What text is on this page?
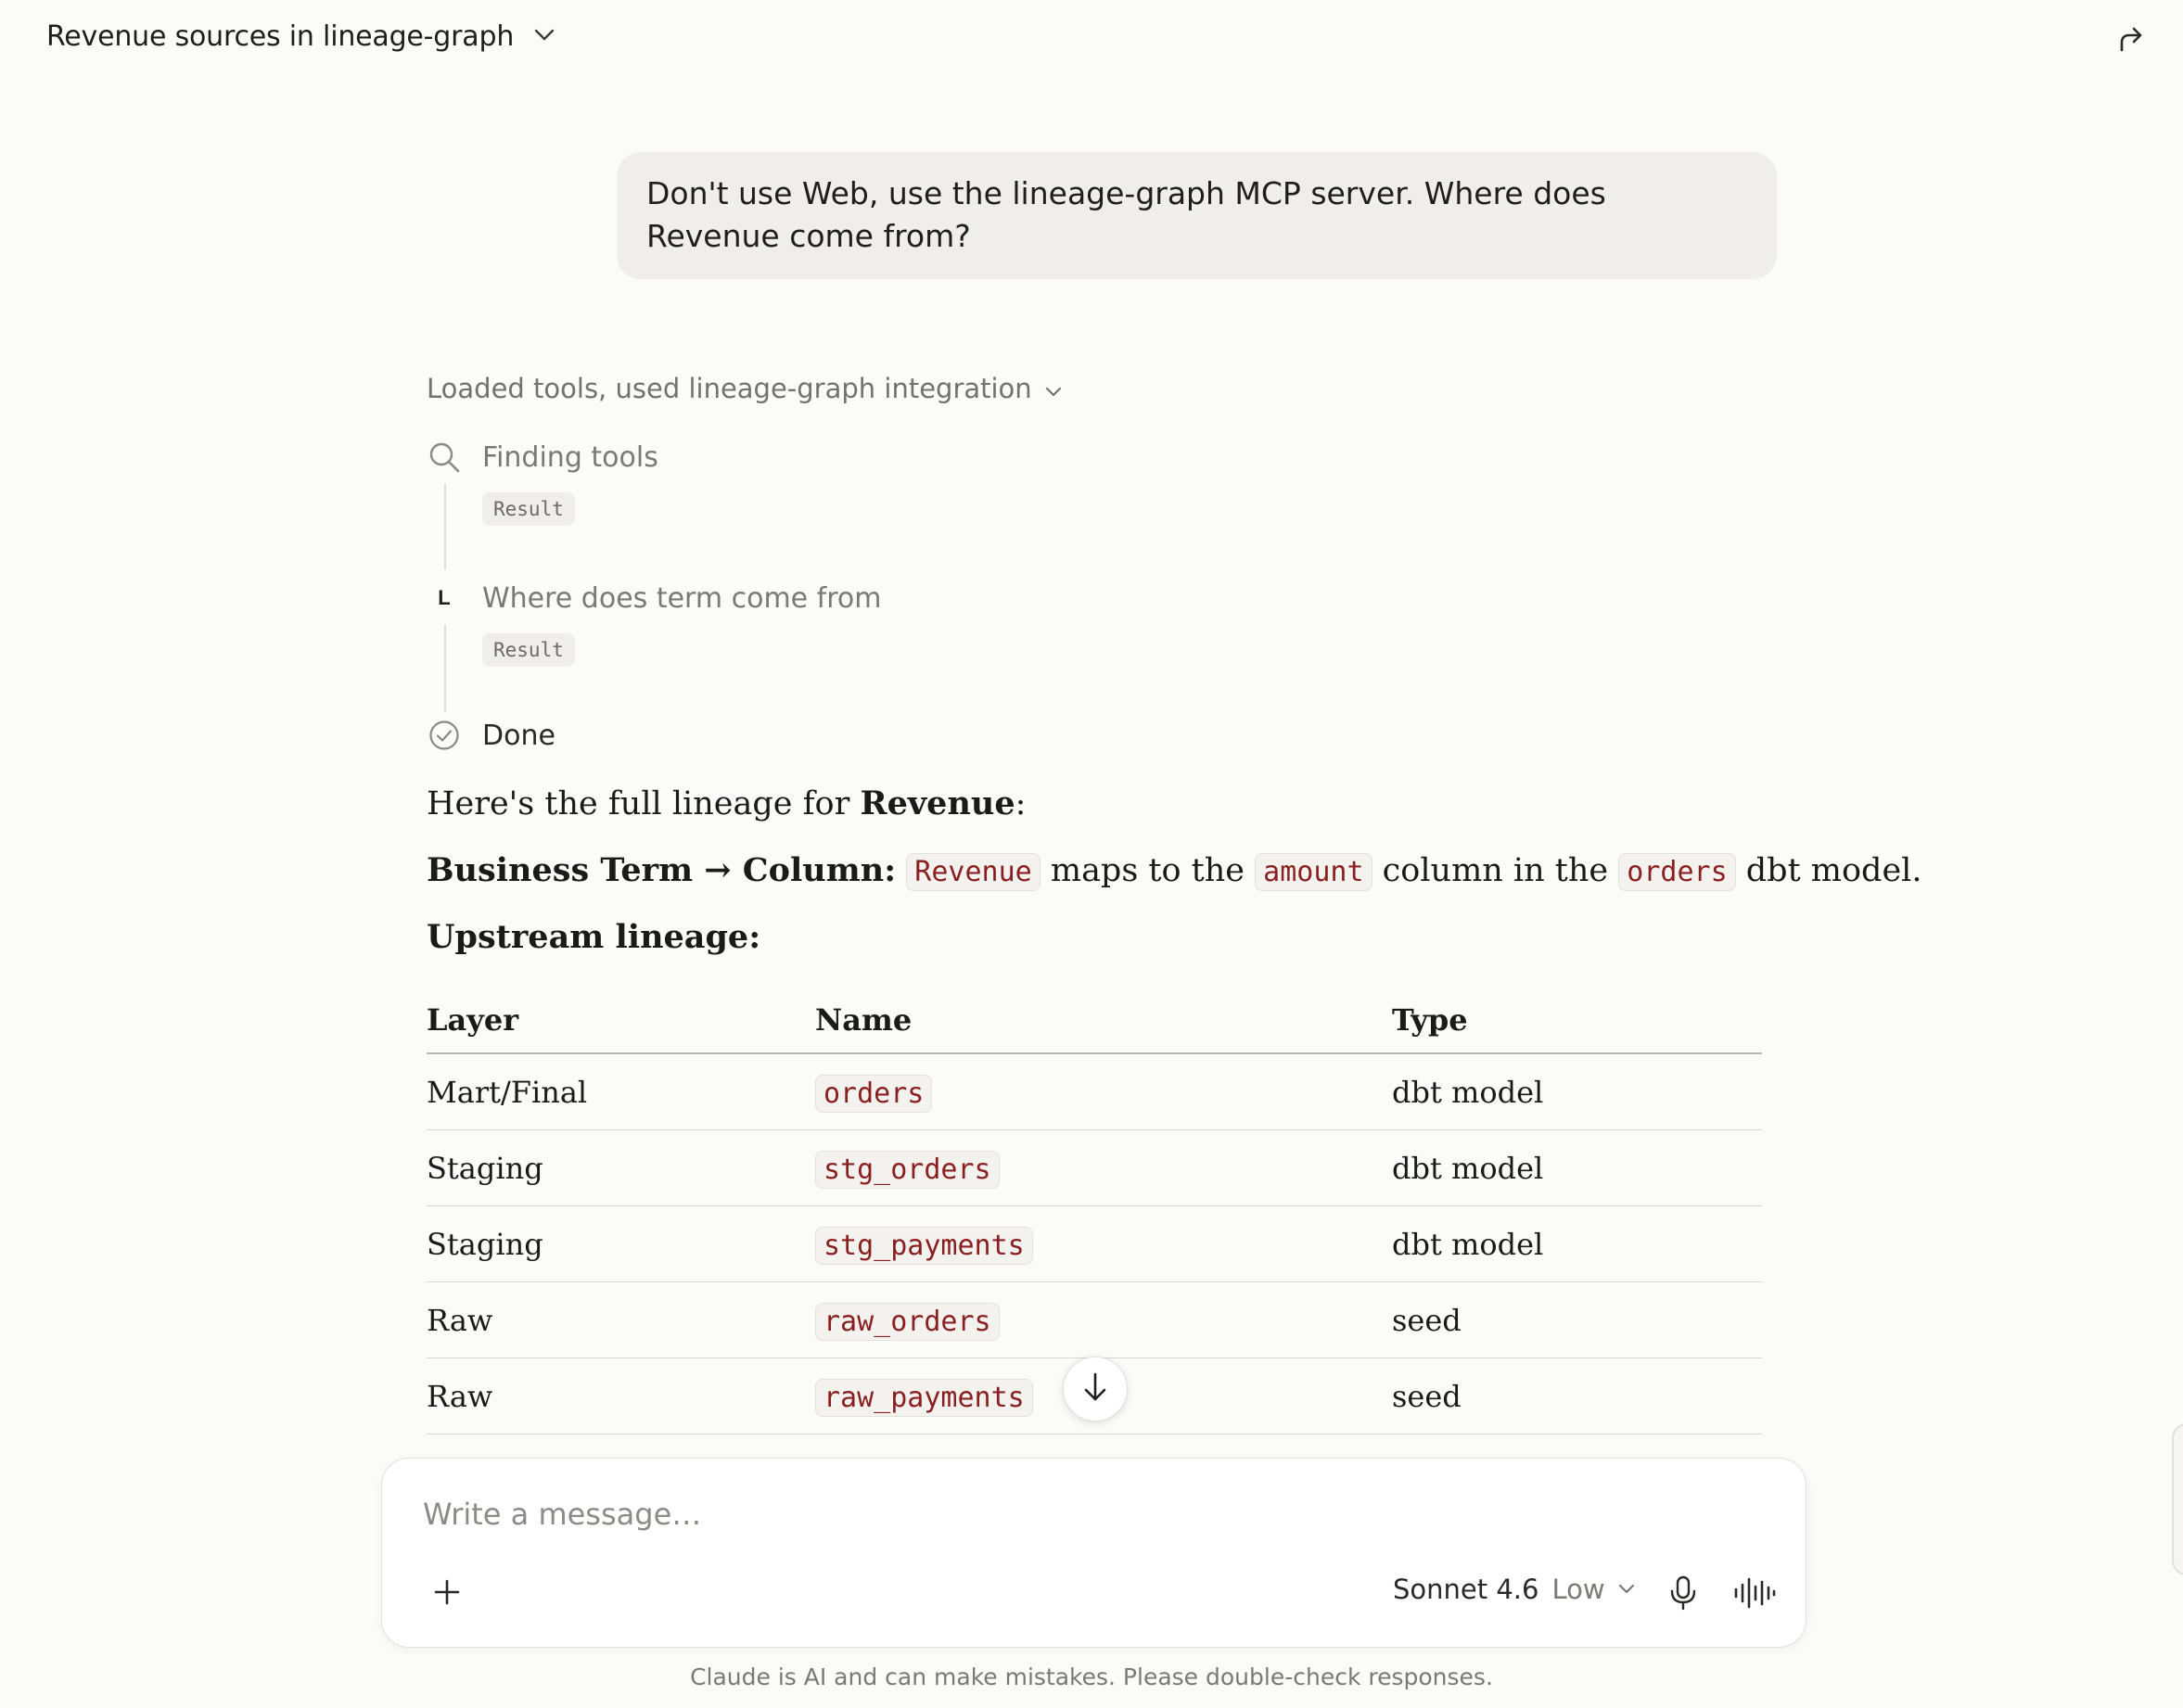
Revenue sources in lineage-graph
Don't use Web, use the lineage-graph MCP server. Where does Revenue come from?
Loaded tools, used lineage-graph integration
Finding tools
Result
L	Where does term come from
Result
Done
Here's the full lineage for Revenue:
Business Term → Column: Revenue maps to the amount column in the orders dbt model.
Upstream lineage:
Layer	Name	Type
Mart/Final	orders	dbt model
Staging	stg_orders	dbt model
Staging	stg_payments	dbt model
Raw	raw_orders	seed
Raw	raw_payments	seed
Write a message…
Sonnet 4.6 Low
Claude is AI and can make mistakes. Please double-check responses.
